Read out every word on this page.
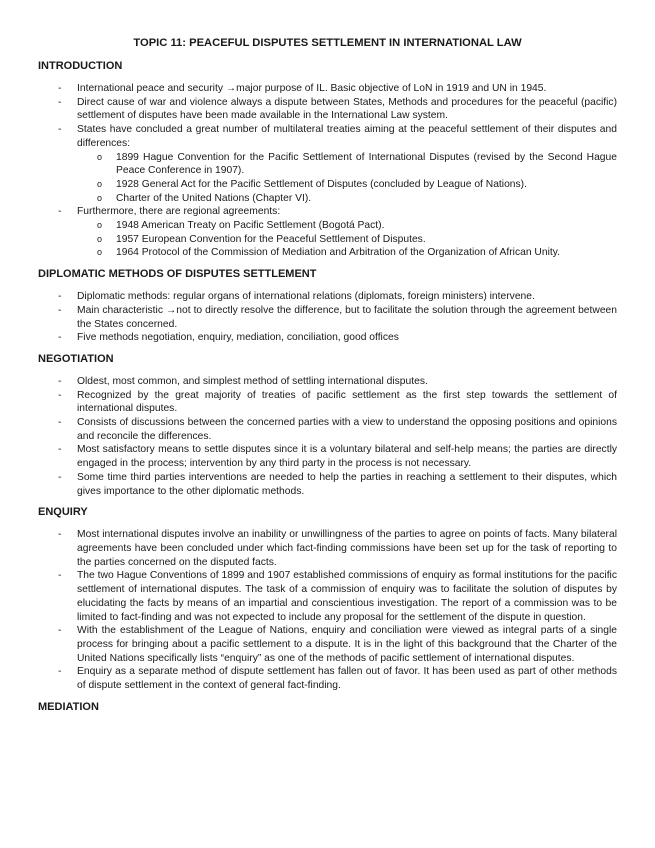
TOPIC 11: PEACEFUL DISPUTES SETTLEMENT IN INTERNATIONAL LAW
INTRODUCTION
- International peace and security →major purpose of IL. Basic objective of LoN in 1919 and UN in 1945.
- Direct cause of war and violence always a dispute between States, Methods and procedures for the peaceful (pacific) settlement of disputes have been made available in the International Law system.
- States have concluded a great number of multilateral treaties aiming at the peaceful settlement of their disputes and differences:
o 1899 Hague Convention for the Pacific Settlement of International Disputes (revised by the Second Hague Peace Conference in 1907).
o 1928 General Act for the Pacific Settlement of Disputes (concluded by League of Nations).
o Charter of the United Nations (Chapter VI).
- Furthermore, there are regional agreements:
o 1948 American Treaty on Pacific Settlement (Bogotá Pact).
o 1957 European Convention for the Peaceful Settlement of Disputes.
o 1964 Protocol of the Commission of Mediation and Arbitration of the Organization of African Unity.
DIPLOMATIC METHODS OF DISPUTES SETTLEMENT
- Diplomatic methods: regular organs of international relations (diplomats, foreign ministers) intervene.
- Main characteristic →not to directly resolve the difference, but to facilitate the solution through the agreement between the States concerned.
- Five methods negotiation, enquiry, mediation, conciliation, good offices
NEGOTIATION
- Oldest, most common, and simplest method of settling international disputes.
- Recognized by the great majority of treaties of pacific settlement as the first step towards the settlement of international disputes.
- Consists of discussions between the concerned parties with a view to understand the opposing positions and opinions and reconcile the differences.
- Most satisfactory means to settle disputes since it is a voluntary bilateral and self-help means; the parties are directly engaged in the process; intervention by any third party in the process is not necessary.
- Some time third parties interventions are needed to help the parties in reaching a settlement to their disputes, which gives importance to the other diplomatic methods.
ENQUIRY
- Most international disputes involve an inability or unwillingness of the parties to agree on points of facts. Many bilateral agreements have been concluded under which fact-finding commissions have been set up for the task of reporting to the parties concerned on the disputed facts.
- The two Hague Conventions of 1899 and 1907 established commissions of enquiry as formal institutions for the pacific settlement of international disputes. The task of a commission of enquiry was to facilitate the solution of disputes by elucidating the facts by means of an impartial and conscientious investigation. The report of a commission was to be limited to fact-finding and was not expected to include any proposal for the settlement of the dispute in question.
- With the establishment of the League of Nations, enquiry and conciliation were viewed as integral parts of a single process for bringing about a pacific settlement to a dispute. It is in the light of this background that the Charter of the United Nations specifically lists “enquiry” as one of the methods of pacific settlement of international disputes.
- Enquiry as a separate method of dispute settlement has fallen out of favor. It has been used as part of other methods of dispute settlement in the context of general fact-finding.
MEDIATION
